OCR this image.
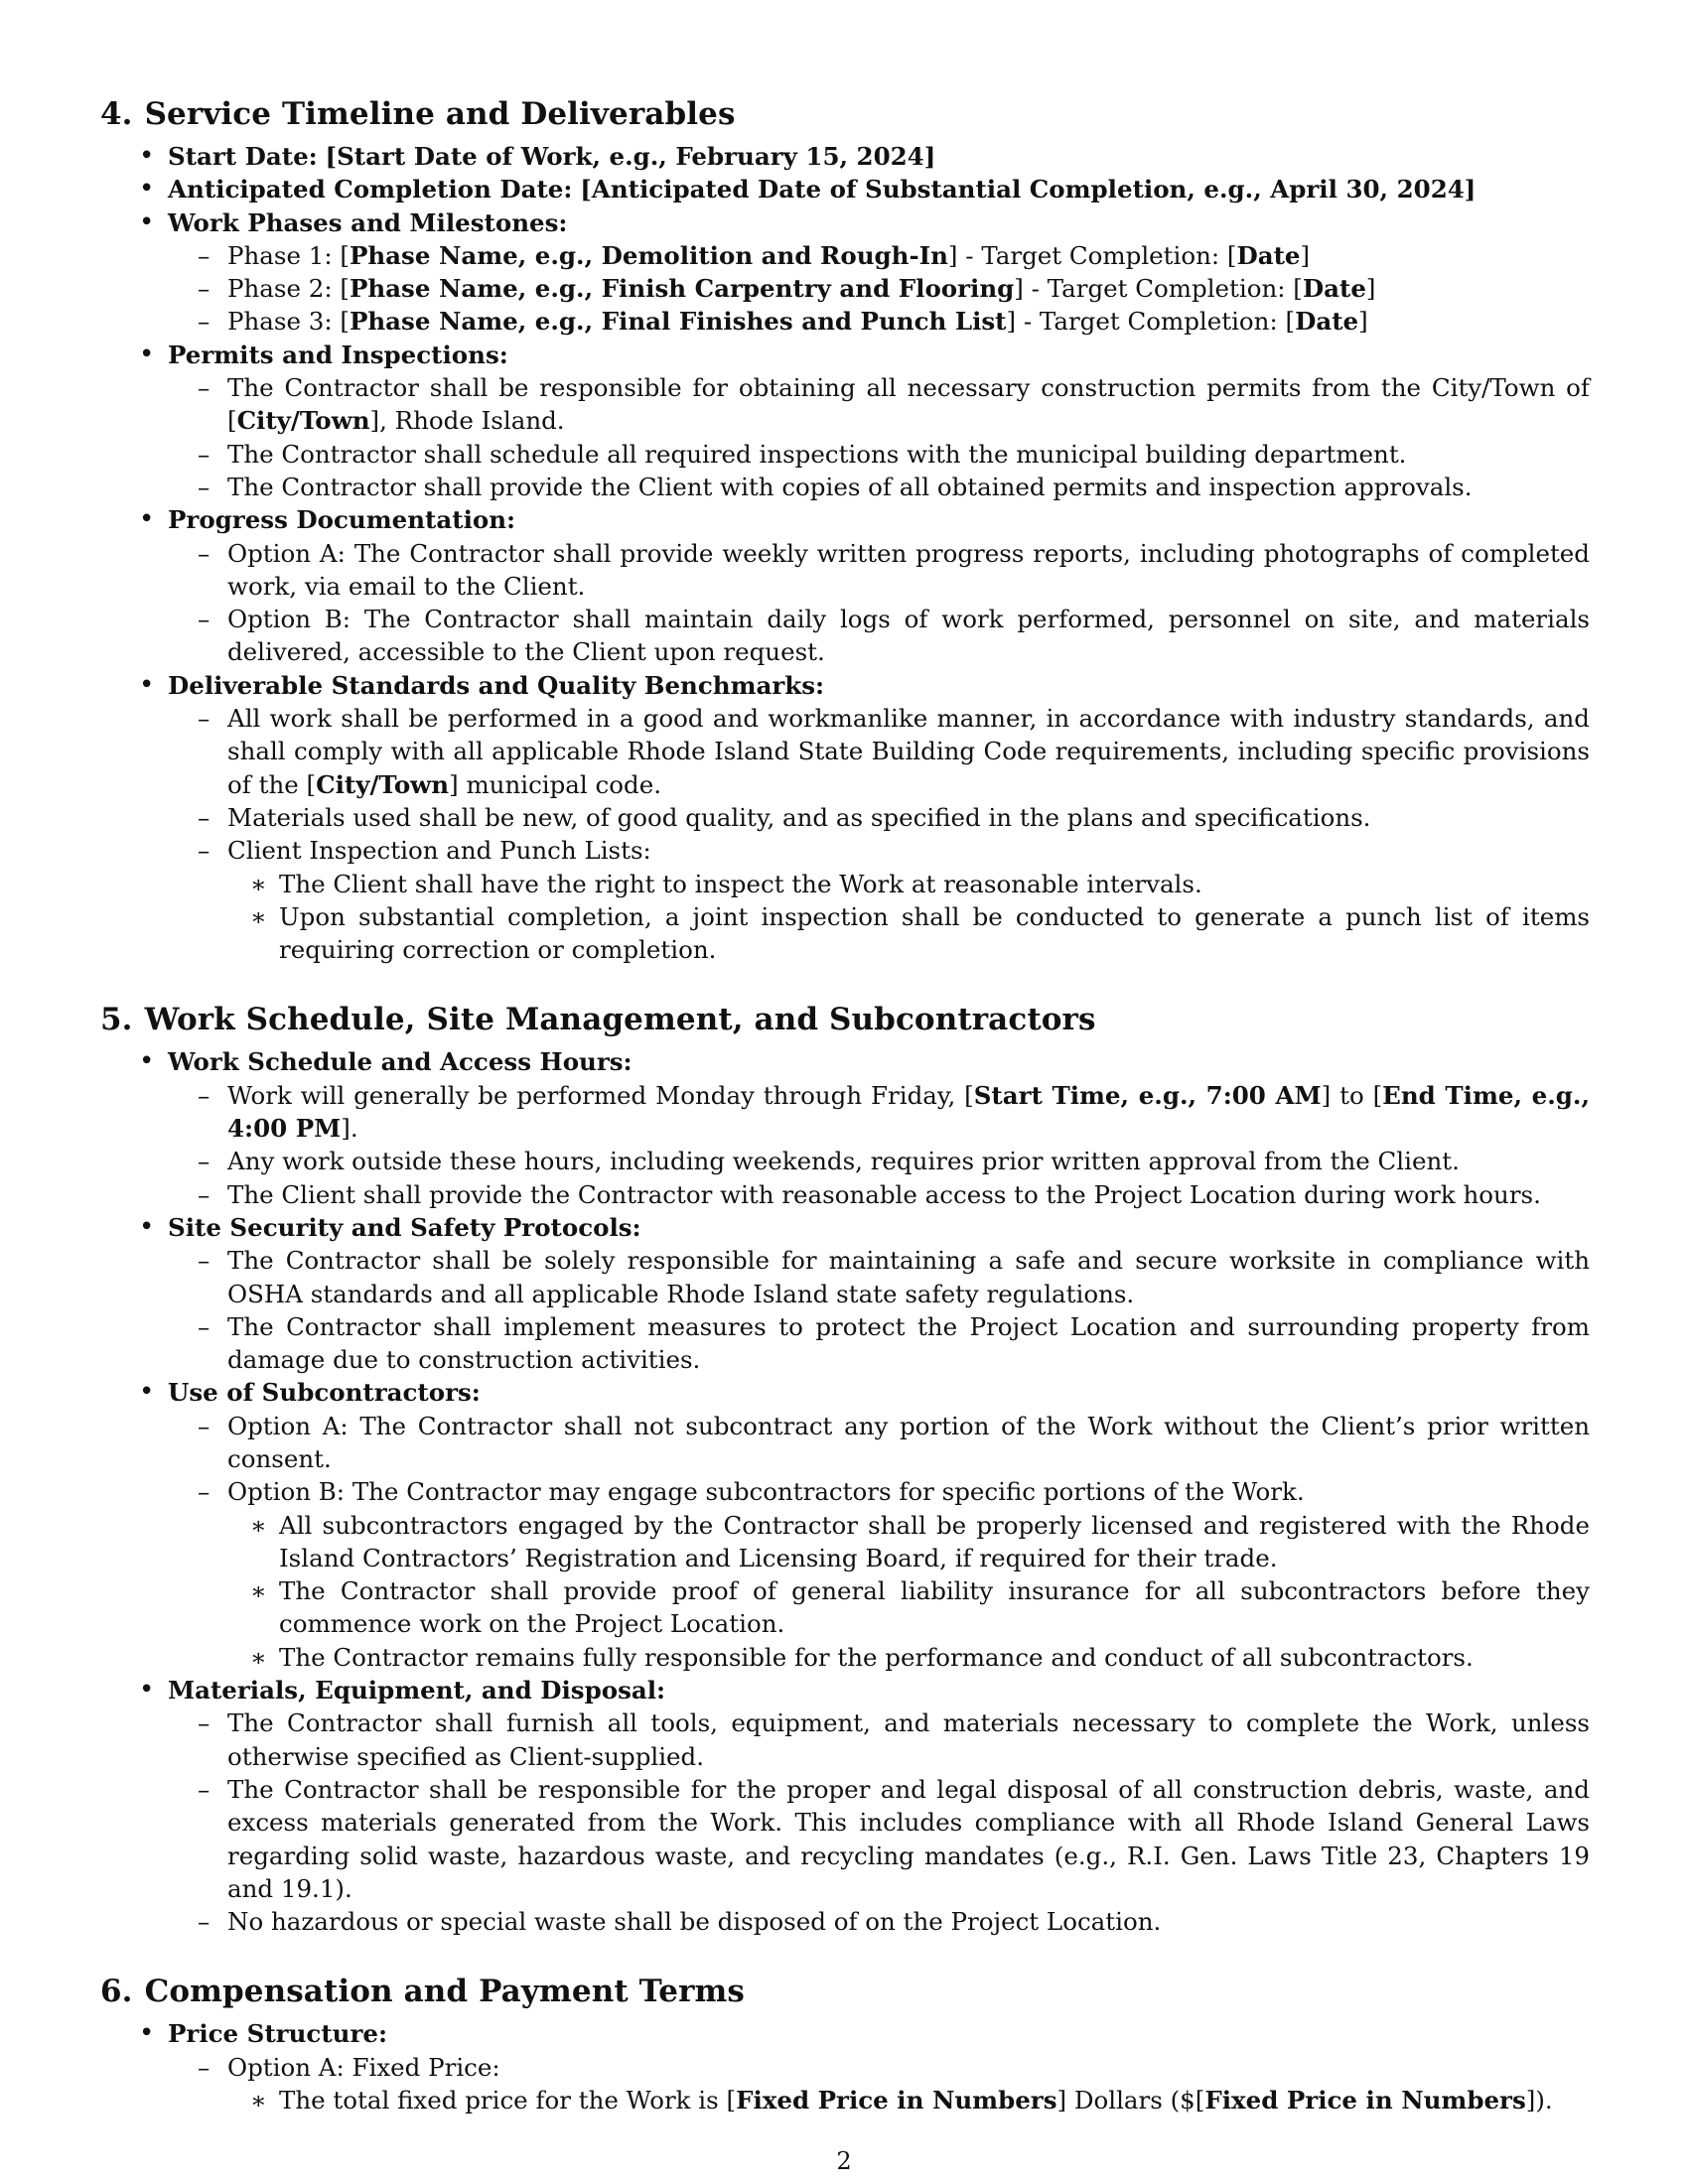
4. Service Timeline and Deliverables
• Start Date: [Start Date of Work, e.g., February 15, 2024]
• Anticipated Completion Date: [Anticipated Date of Substantial Completion, e.g., April 30, 2024]
• Work Phases and Milestones:
– Phase 1: [Phase Name, e.g., Demolition and Rough-In] - Target Completion: [Date]
– Phase 2: [Phase Name, e.g., Finish Carpentry and Flooring] - Target Completion: [Date]
– Phase 3: [Phase Name, e.g., Final Finishes and Punch List] - Target Completion: [Date]
• Permits and Inspections:
– The Contractor shall be responsible for obtaining all necessary construction permits from the City/Town of [City/Town], Rhode Island.
– The Contractor shall schedule all required inspections with the municipal building department.
– The Contractor shall provide the Client with copies of all obtained permits and inspection approvals.
• Progress Documentation:
– Option A: The Contractor shall provide weekly written progress reports, including photographs of completed work, via email to the Client.
– Option B: The Contractor shall maintain daily logs of work performed, personnel on site, and materials delivered, accessible to the Client upon request.
• Deliverable Standards and Quality Benchmarks:
– All work shall be performed in a good and workmanlike manner, in accordance with industry standards, and shall comply with all applicable Rhode Island State Building Code requirements, including specific provisions of the [City/Town] municipal code.
– Materials used shall be new, of good quality, and as specified in the plans and specifications.
– Client Inspection and Punch Lists:
∗ The Client shall have the right to inspect the Work at reasonable intervals.
∗ Upon substantial completion, a joint inspection shall be conducted to generate a punch list of items requiring correction or completion.
5. Work Schedule, Site Management, and Subcontractors
• Work Schedule and Access Hours:
– Work will generally be performed Monday through Friday, [Start Time, e.g., 7:00 AM] to [End Time, e.g., 4:00 PM].
– Any work outside these hours, including weekends, requires prior written approval from the Client.
– The Client shall provide the Contractor with reasonable access to the Project Location during work hours.
• Site Security and Safety Protocols:
– The Contractor shall be solely responsible for maintaining a safe and secure worksite in compliance with OSHA standards and all applicable Rhode Island state safety regulations.
– The Contractor shall implement measures to protect the Project Location and surrounding property from damage due to construction activities.
• Use of Subcontractors:
– Option A: The Contractor shall not subcontract any portion of the Work without the Client’s prior written consent.
– Option B: The Contractor may engage subcontractors for specific portions of the Work.
∗ All subcontractors engaged by the Contractor shall be properly licensed and registered with the Rhode Island Contractors’ Registration and Licensing Board, if required for their trade.
∗ The Contractor shall provide proof of general liability insurance for all subcontractors before they commence work on the Project Location.
∗ The Contractor remains fully responsible for the performance and conduct of all subcontractors.
• Materials, Equipment, and Disposal:
– The Contractor shall furnish all tools, equipment, and materials necessary to complete the Work, unless otherwise specified as Client-supplied.
– The Contractor shall be responsible for the proper and legal disposal of all construction debris, waste, and excess materials generated from the Work. This includes compliance with all Rhode Island General Laws regarding solid waste, hazardous waste, and recycling mandates (e.g., R.I. Gen. Laws Title 23, Chapters 19 and 19.1).
– No hazardous or special waste shall be disposed of on the Project Location.
6. Compensation and Payment Terms
• Price Structure:
– Option A: Fixed Price:
∗ The total fixed price for the Work is [Fixed Price in Numbers] Dollars ($[Fixed Price in Numbers]).
2
